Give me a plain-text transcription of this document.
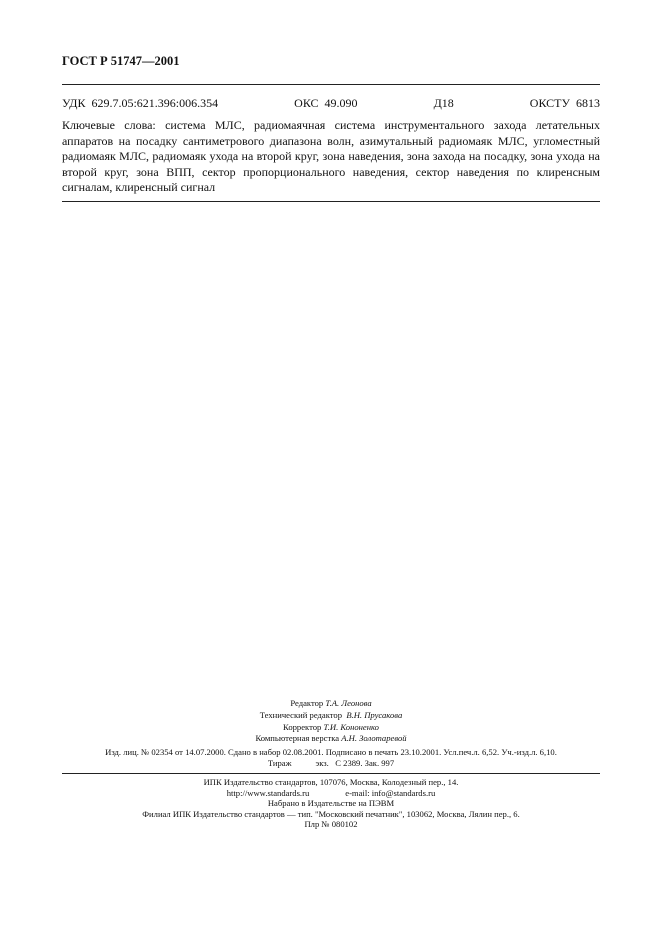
ГОСТ Р 51747—2001
УДК  629.7.05:621.396:006.354	ОКС  49.090	Д18	ОКСТУ  6813
Ключевые слова: система МЛС, радиомаячная система инструментального захода летательных аппаратов на посадку сантиметрового диапазона волн, азимутальный радиомаяк МЛС, угломестный радиомаяк МЛС, радиомаяк ухода на второй круг, зона наведения, зона захода на посадку, зона ухода на второй круг, зона ВПП, сектор пропорционального наведения, сектор наведения по клиренсным сигналам, клиренсный сигнал
Редактор Т.А. Леонова
Технический редактор В.Н. Прусакова
Корректор Т.И. Кононенко
Компьютерная верстка А.Н. Золотаревой
Изд. лиц. № 02354 от 14.07.2000. Сдано в набор 02.08.2001. Подписано в печать 23.10.2001. Усл.печ.л. 6,52. Уч.-изд.л. 6,10.
Тираж	экз. С 2389. Зак. 997
ИПК Издательство стандартов, 107076, Москва, Колодезный пер., 14.
http://www.standards.ru	e-mail: info@standards.ru
Набрано в Издательстве на ПЭВМ
Филиал ИПК Издательство стандартов — тип. "Московский печатник", 103062, Москва, Лялин пер., 6.
Плр № 080102
